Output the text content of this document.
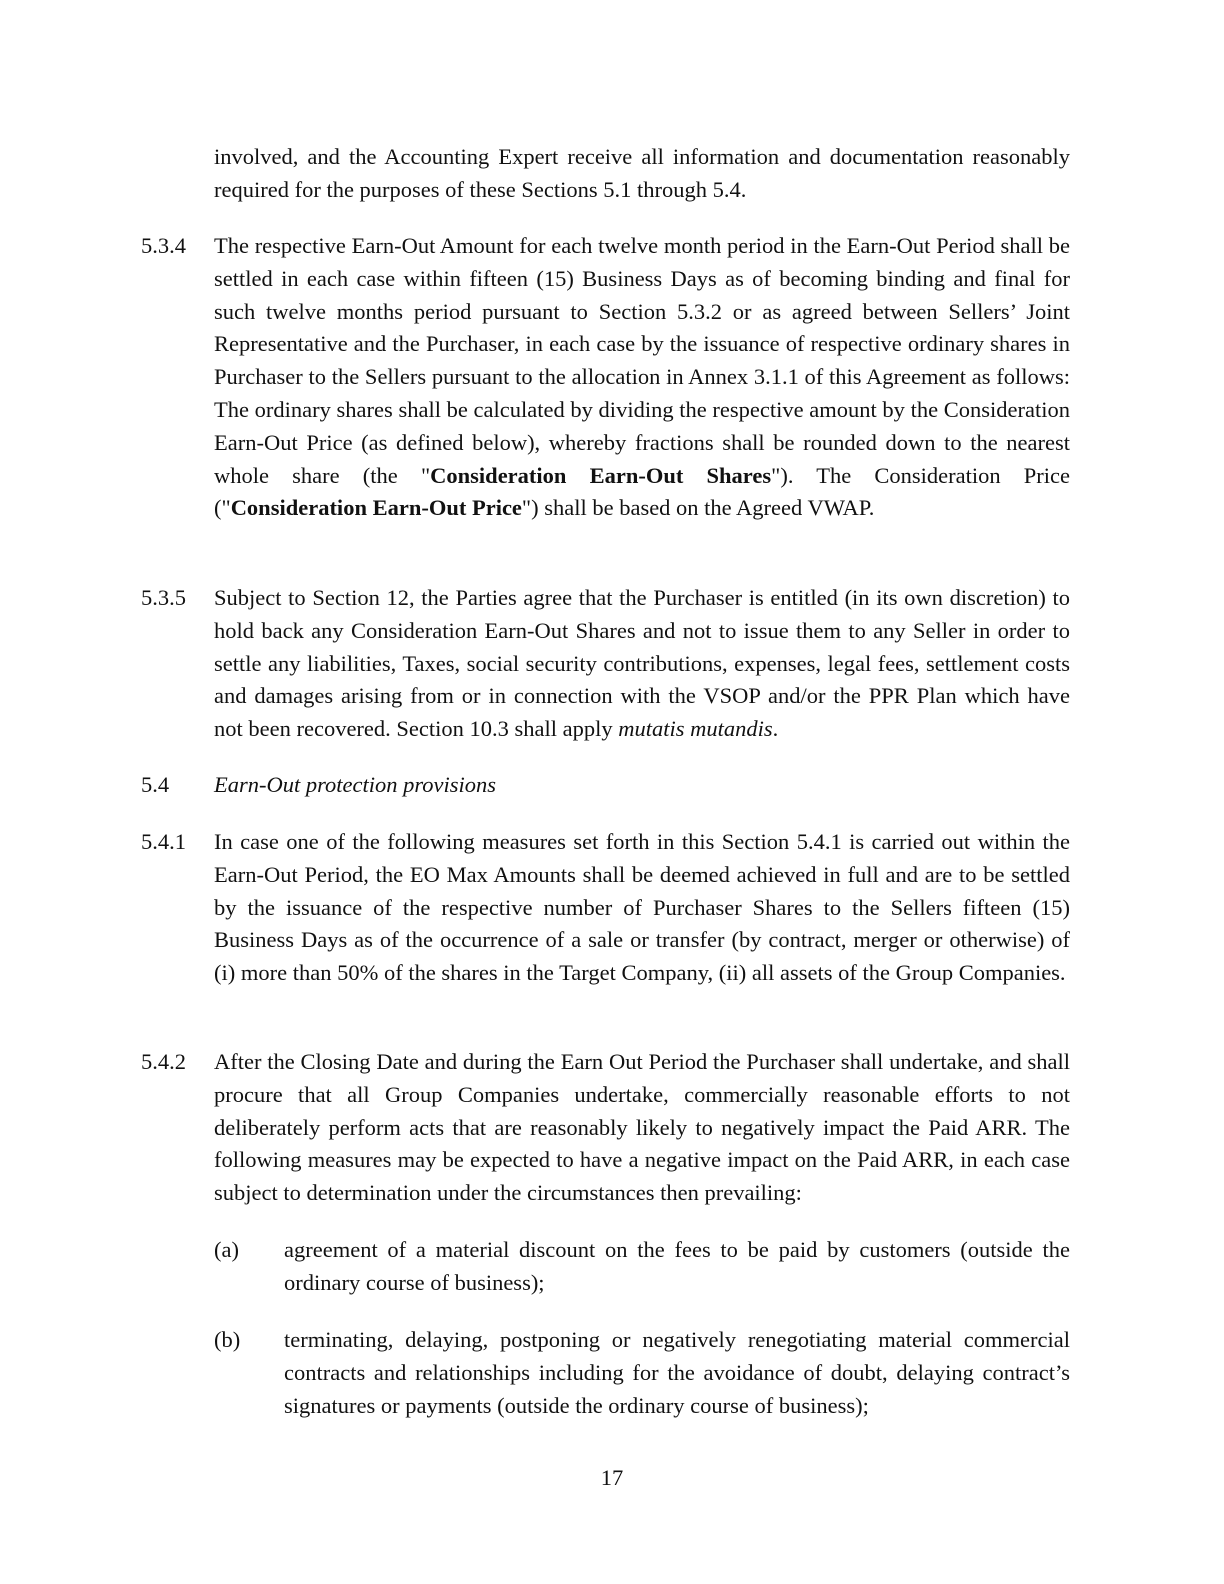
involved, and the Accounting Expert receive all information and documentation reasonably required for the purposes of these Sections 5.1 through 5.4.

5.3.4 The respective Earn-Out Amount for each twelve month period in the Earn-Out Period shall be settled in each case within fifteen (15) Business Days as of becoming binding and final for such twelve months period pursuant to Section 5.3.2 or as agreed between Sellers’ Joint Representative and the Purchaser, in each case by the issuance of respective ordinary shares in Purchaser to the Sellers pursuant to the allocation in Annex 3.1.1 of this Agreement as follows: The ordinary shares shall be calculated by dividing the respective amount by the Consideration Earn-Out Price (as defined below), whereby fractions shall be rounded down to the nearest whole share (the "Consideration Earn-Out Shares"). The Consideration Price ("Consideration Earn-Out Price") shall be based on the Agreed VWAP.

5.3.5 Subject to Section 12, the Parties agree that the Purchaser is entitled (in its own discretion) to hold back any Consideration Earn-Out Shares and not to issue them to any Seller in order to settle any liabilities, Taxes, social security contributions, expenses, legal fees, settlement costs and damages arising from or in connection with the VSOP and/or the PPR Plan which have not been recovered. Section 10.3 shall apply mutatis mutandis.

5.4 Earn-Out protection provisions
5.4.1 In case one of the following measures set forth in this Section 5.4.1 is carried out within the Earn-Out Period, the EO Max Amounts shall be deemed achieved in full and are to be settled by the issuance of the respective number of Purchaser Shares to the Sellers fifteen (15) Business Days as of the occurrence of a sale or transfer (by contract, merger or otherwise) of (i) more than 50% of the shares in the Target Company, (ii) all assets of the Group Companies.

5.4.2 After the Closing Date and during the Earn Out Period the Purchaser shall undertake, and shall procure that all Group Companies undertake, commercially reasonable efforts to not deliberately perform acts that are reasonably likely to negatively impact the Paid ARR. The following measures may be expected to have a negative impact on the Paid ARR, in each case subject to determination under the circumstances then prevailing:

(a) agreement of a material discount on the fees to be paid by customers (outside the ordinary course of business);

(b) terminating, delaying, postponing or negatively renegotiating material commercial contracts and relationships including for the avoidance of doubt, delaying contract’s signatures or payments (outside the ordinary course of business);

17
